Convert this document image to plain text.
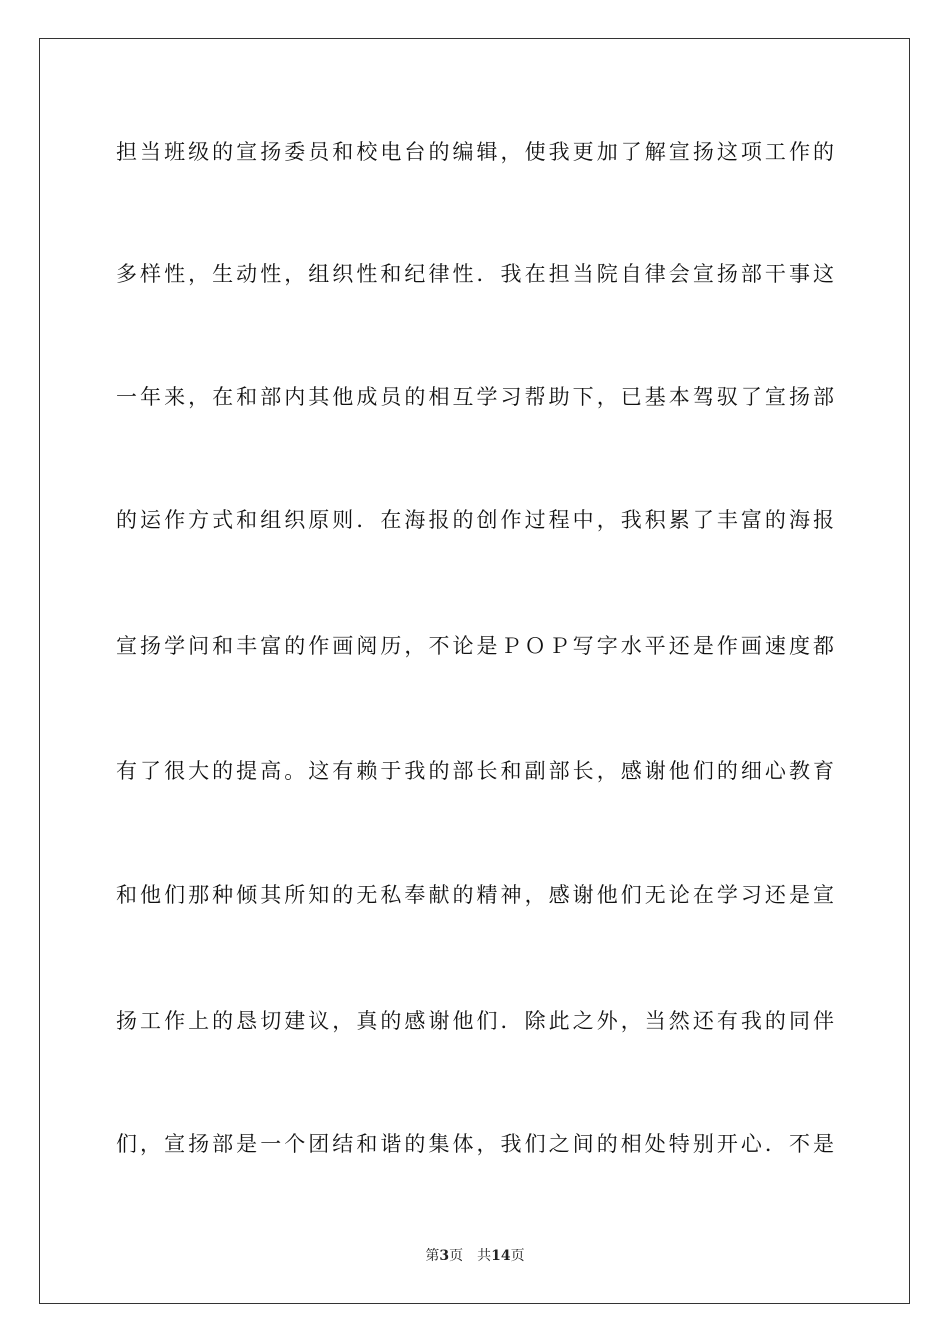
担当班级的宣扬委员和校电台的编辑，使我更加了解宣扬这项工作的
多样性，生动性，组织性和纪律性．我在担当院自律会宣扬部干事这
一年来，在和部内其他成员的相互学习帮助下，已基本驾驭了宣扬部
的运作方式和组织原则．在海报的创作过程中，我积累了丰富的海报
宣扬学问和丰富的作画阅历，不论是ＰＯＰ写字水平还是作画速度都
有了很大的提高。这有赖于我的部长和副部长，感谢他们的细心教育
和他们那种倾其所知的无私奉献的精神，感谢他们无论在学习还是宣
扬工作上的恳切建议，真的感谢他们．除此之外，当然还有我的同伴
们，宣扬部是一个团结和谐的集体，我们之间的相处特别开心．不是
第3页 共14页
